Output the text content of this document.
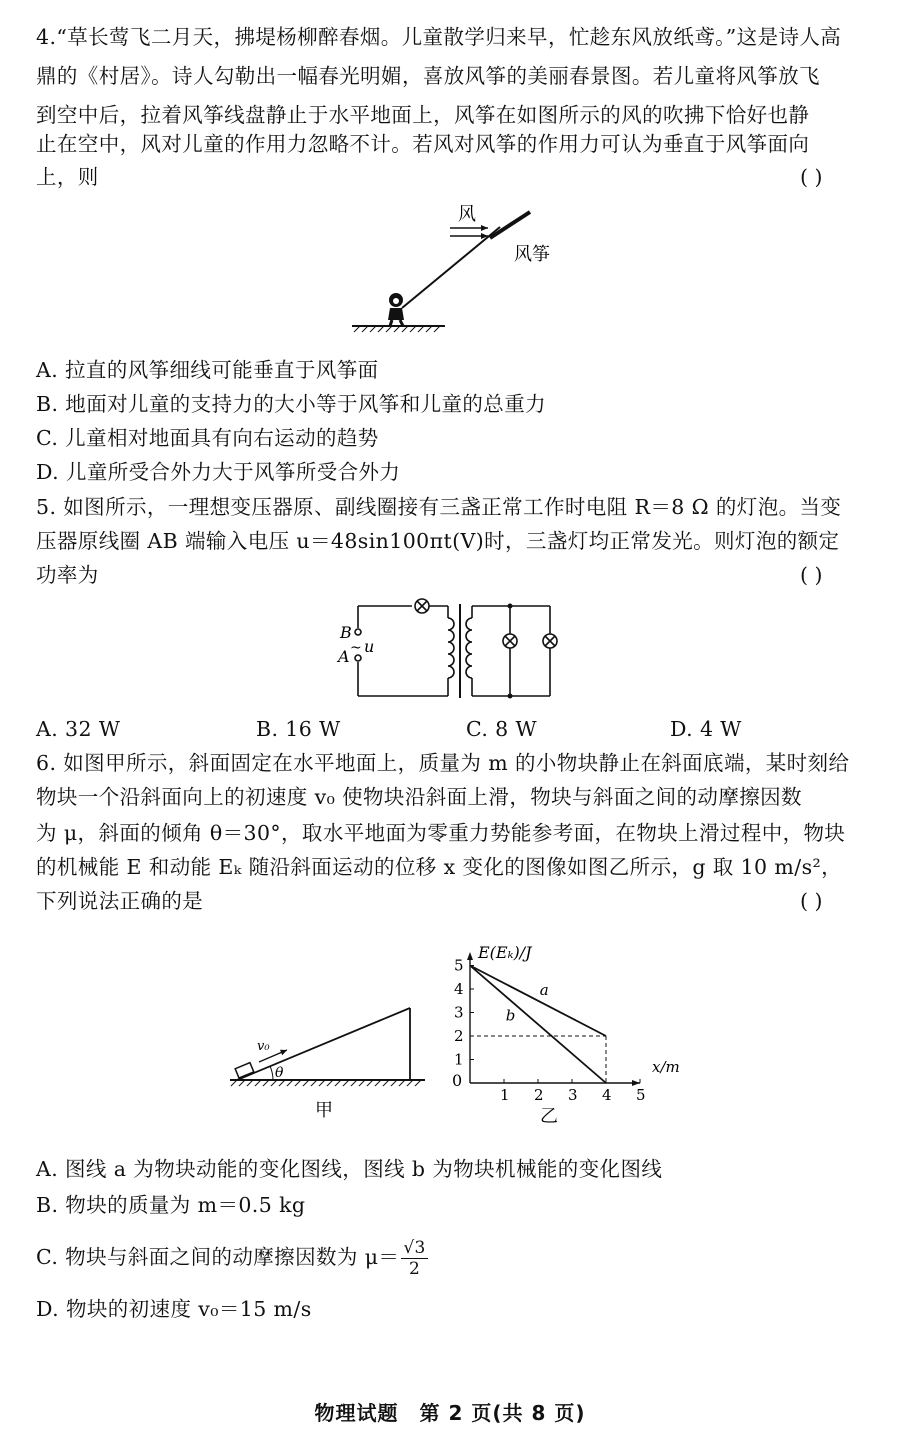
4.“草长莺飞二月天，拂堤杨柳醉春烟。儿童散学归来早，忙趁东风放纸鸢。”这是诗人高
鼎的《村居》。诗人勾勒出一幅春光明媚，喜放风筝的美丽春景图。若儿童将风筝放飞
到空中后，拉着风筝线盘静止于水平地面上，风筝在如图所示的风的吹拂下恰好也静
止在空中，风对儿童的作用力忽略不计。若风对风筝的作用力可认为垂直于风筝面向
上，则	( )
风
风筝
A. 拉直的风筝细线可能垂直于风筝面
B. 地面对儿童的支持力的大小等于风筝和儿童的总重力
C. 儿童相对地面具有向右运动的趋势
D. 儿童所受合外力大于风筝所受合外力
5. 如图所示，一理想变压器原、副线圈接有三盏正常工作时电阻 R＝8 Ω 的灯泡。当变
压器原线圈 AB 端输入电压 u＝48sin100πt(V)时，三盏灯均正常发光。则灯泡的额定
功率为	( )
B
A ~ u
A. 32 W	B. 16 W	C. 8 W	D. 4 W
6. 如图甲所示，斜面固定在水平地面上，质量为 m 的小物块静止在斜面底端，某时刻给
物块一个沿斜面向上的初速度 v₀ 使物块沿斜面上滑，物块与斜面之间的动摩擦因数
为 μ，斜面的倾角 θ＝30°，取水平地面为零重力势能参考面，在物块上滑过程中，物块
的机械能 E 和动能 Eₖ 随沿斜面运动的位移 x 变化的图像如图乙所示，g 取 10 m/s²，
下列说法正确的是	( )
v₀
θ
甲
E(Eₖ)/J
x/m
0
1 2 3 4 5
1
2
3
4
5
a
b
乙
A. 图线 a 为物块动能的变化图线，图线 b 为物块机械能的变化图线
B. 物块的质量为 m＝0.5 kg
C. 物块与斜面之间的动摩擦因数为 $\mu= \frac{√3}{2}$
D. 物块的初速度 v₀＝15 m/s
物理试题　第 2 页(共 8 页)
